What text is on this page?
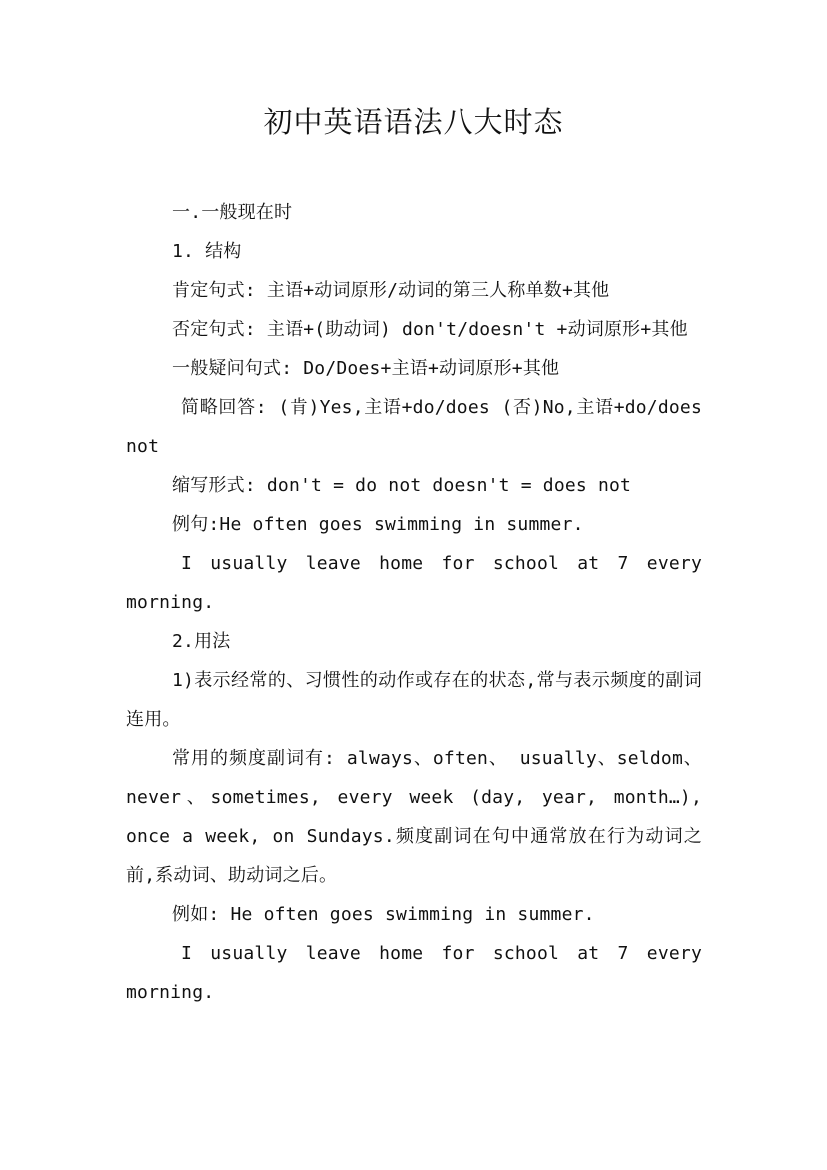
初中英语语法八大时态

一.一般现在时

1. 结构

肯定句式: 主语+动词原形/动词的第三人称单数+其他

否定句式: 主语+(助动词) don't/doesn't +动词原形+其他

一般疑问句式: Do/Does+主语+动词原形+其他

简略回答: (肯)Yes,主语+do/does (否)No,主语+do/does not

缩写形式: don't = do not doesn't = does not

例句:He often goes swimming in summer.

I usually leave home for school at 7 every morning.

2.用法

1)表示经常的、习惯性的动作或存在的状态,常与表示频度的副词连用。

常用的频度副词有: always、often、 usually、seldom、never、sometimes, every week (day, year, month…), once a week, on Sundays.频度副词在句中通常放在行为动词之前,系动词、助动词之后。

例如: He often goes swimming in summer.

I usually leave home for school at 7 every morning.
